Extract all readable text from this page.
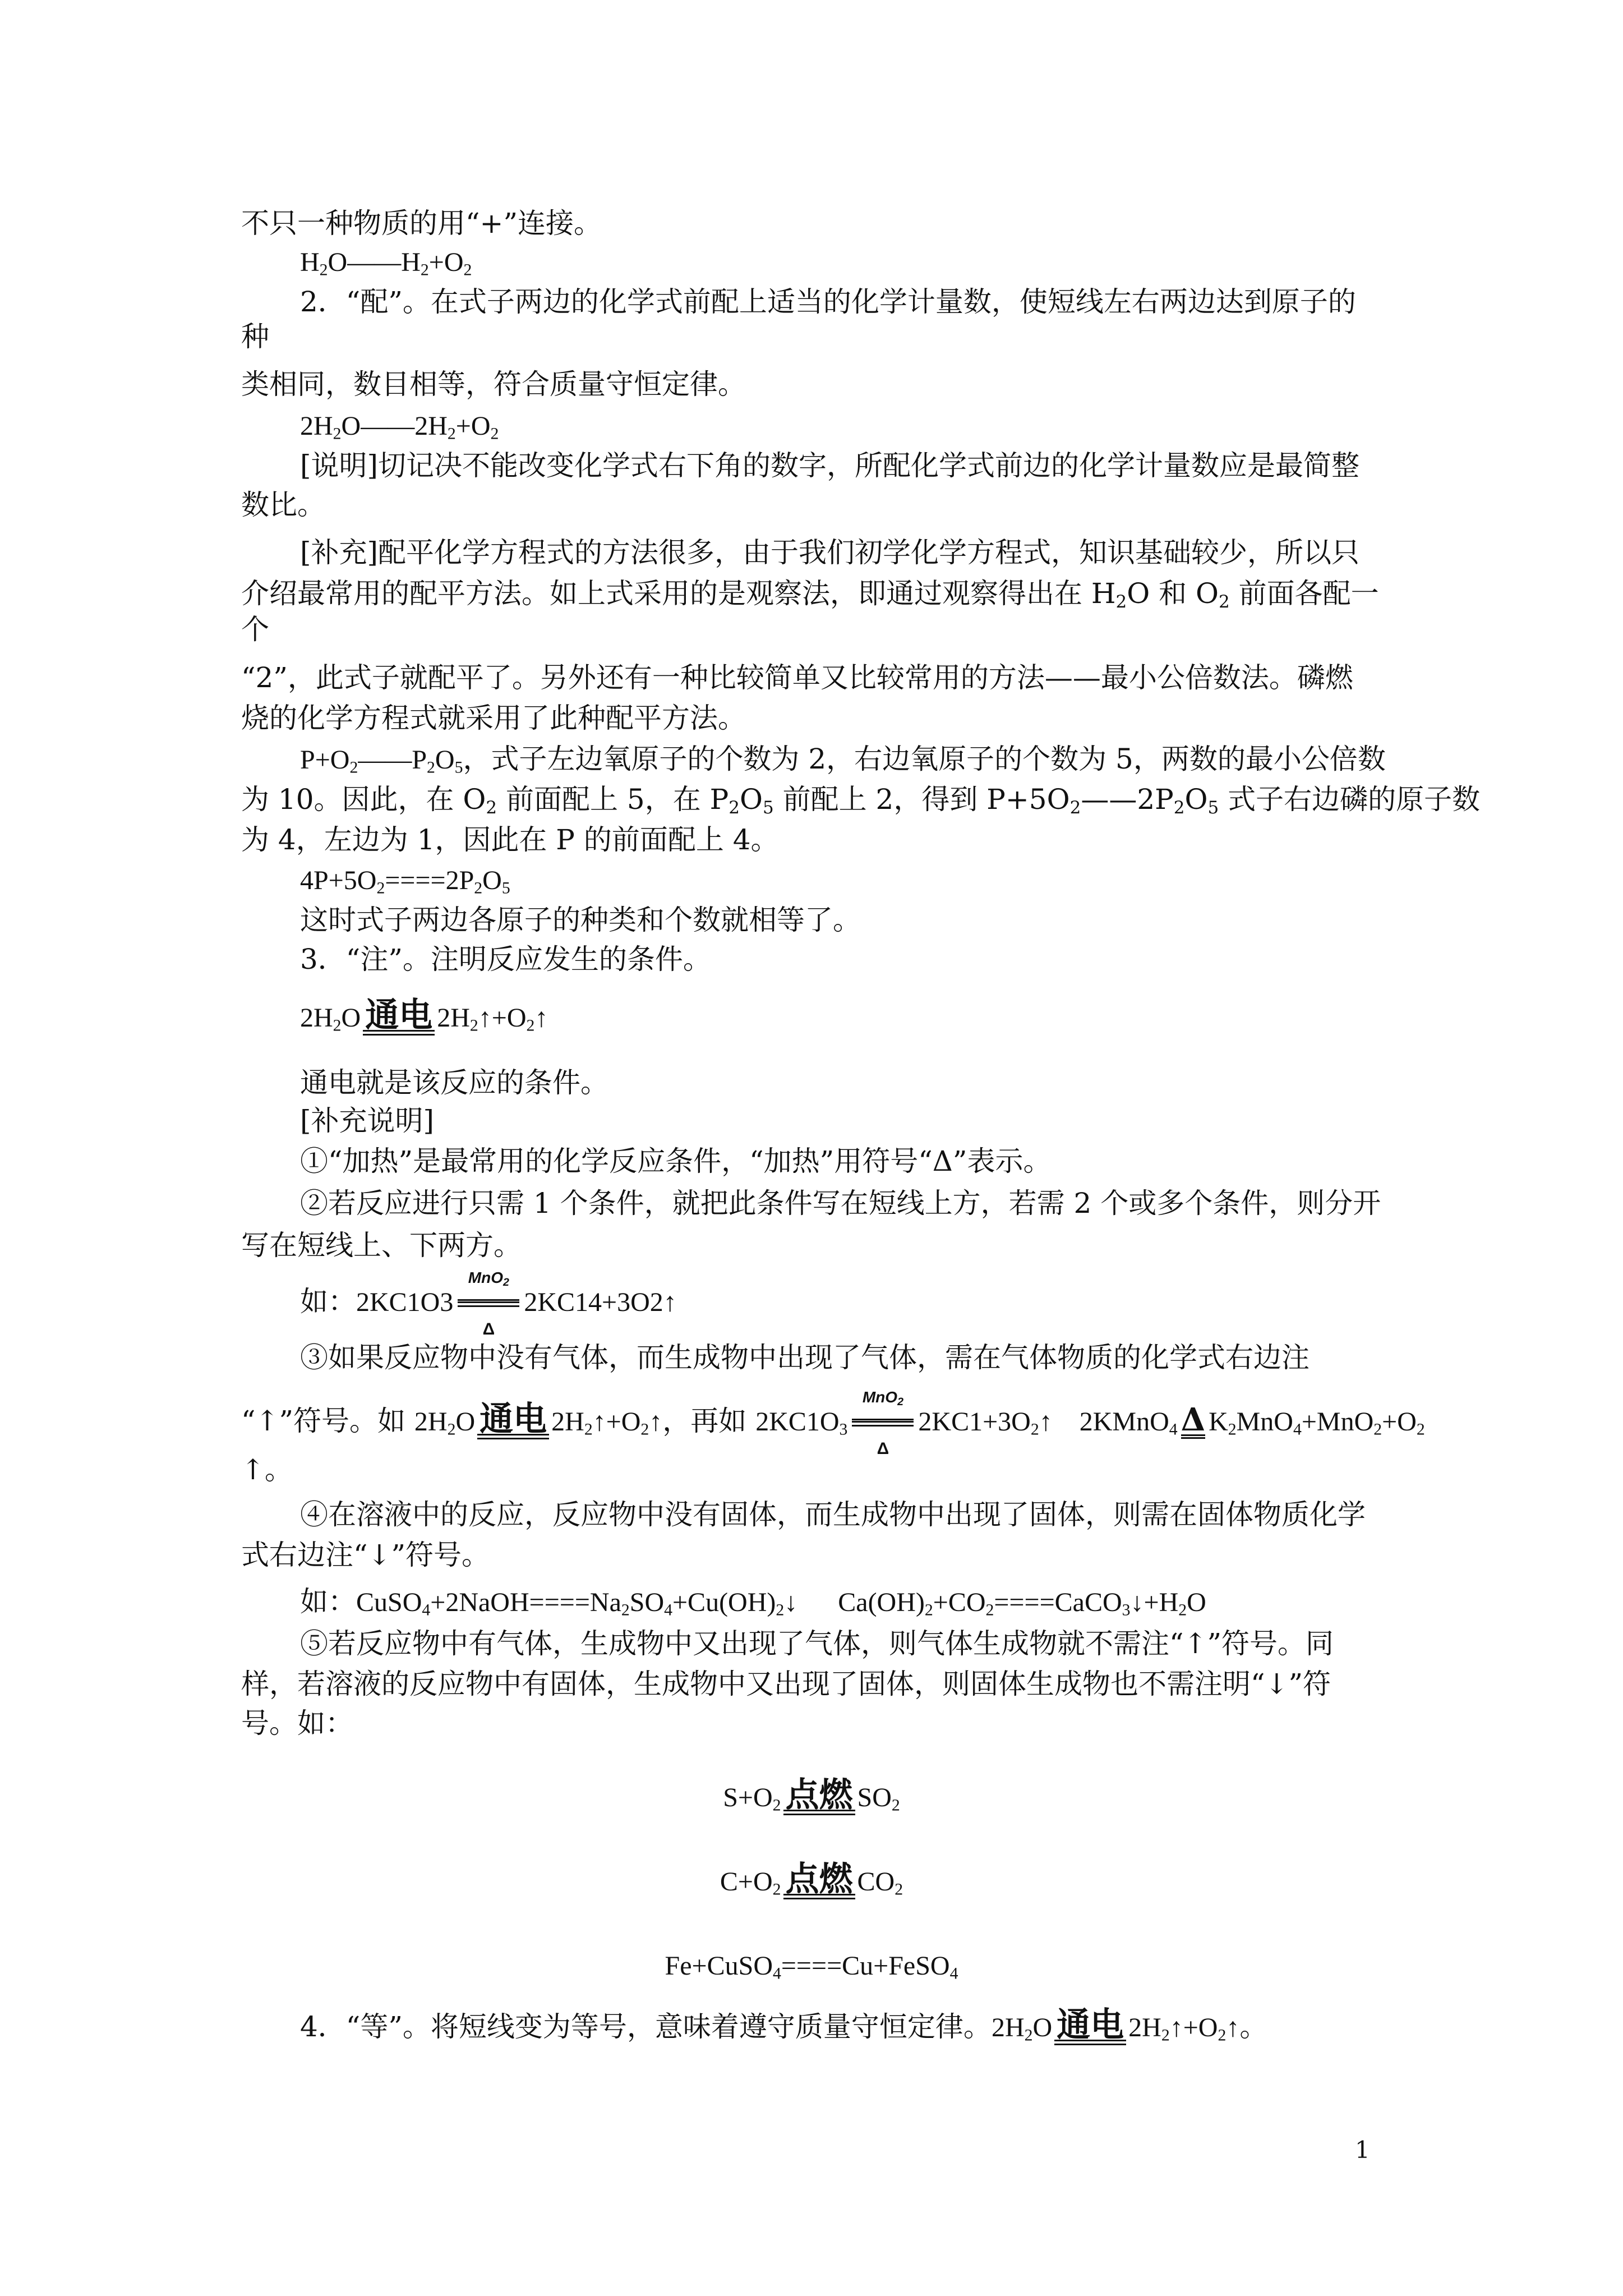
不只一种物质的用“+”连接。
$H_2O——H_2+O_2$
2．“配”。在式子两边的化学式前配上适当的化学计量数，使短线左右两边达到原子的
种
类相同，数目相等，符合质量守恒定律。
$2H_2O——2H_2+O_2$
[说明]切记决不能改变化学式右下角的数字，所配化学式前边的化学计量数应是最简整
数比。
[补充]配平化学方程式的方法很多，由于我们初学化学方程式，知识基础较少，所以只
介绍最常用的配平方法。如上式采用的是观察法，即通过观察得出在 $H_2O$ 和 $O_2$ 前面各配一
个
“2”，此式子就配平了。另外还有一种比较简单又比较常用的方法——最小公倍数法。磷燃
烧的化学方程式就采用了此种配平方法。
$P+O_2——P_2O_5$，式子左边氧原子的个数为 2，右边氧原子的个数为 5，两数的最小公倍数
为 10。因此，在 $O_2$ 前面配上 5，在 $P_2O_5$ 前配上 2，得到 $P+5O_2——2P_2O_5$ 式子右边磷的原子数
为 4，左边为 1，因此在 P 的前面配上 4。
$4P+5O_2====2P_2O_5$
这时式子两边各原子的种类和个数就相等了。
3．“注”。注明反应发生的条件。
$2H_2O$ 通电 $2H_2↑+O_2↑$
通电就是该反应的条件。
[补充说明]
①“加热”是最常用的化学反应条件，“加热”用符号“Δ”表示。
②若反应进行只需 1 个条件，就把此条件写在短线上方，若需 2 个或多个条件，则分开
写在短线上、下两方。
如：2KC1O3
MnO$_2$
Δ
2KC14+3O2↑
③如果反应物中没有气体，而生成物中出现了气体，需在气体物质的化学式右边注
“↑”符号。如 $2H_2O$ 通电 $2H_2↑+O_2↑$，再如 $2KC1O_3$
MnO$_2$
Δ
$2KC1+3O_2↑$    2KMnO$_4$ Δ $K_2MnO_4+MnO_2+O_2$
↑。
④在溶液中的反应，反应物中没有固体，而生成物中出现了固体，则需在固体物质化学
式右边注“↓”符号。
如：$CuSO_4+2NaOH====Na_2SO_4+Cu(OH)_2↓$      $Ca(OH)_2+CO_2====CaCO_3↓+H_2O$
⑤若反应物中有气体，生成物中又出现了气体，则气体生成物就不需注“↑”符号。同
样，若溶液的反应物中有固体，生成物中又出现了固体，则固体生成物也不需注明“↓”符
号。如：
$S+O_2$ 点燃 $SO_2$
$C+O_2$ 点燃 $CO_2$
Fe+CuSO$_4$====Cu+FeSO$_4$
4．“等”。将短线变为等号，意味着遵守质量守恒定律。$2H_2O$ 通电 $2H_2↑+O_2↑$。
1
